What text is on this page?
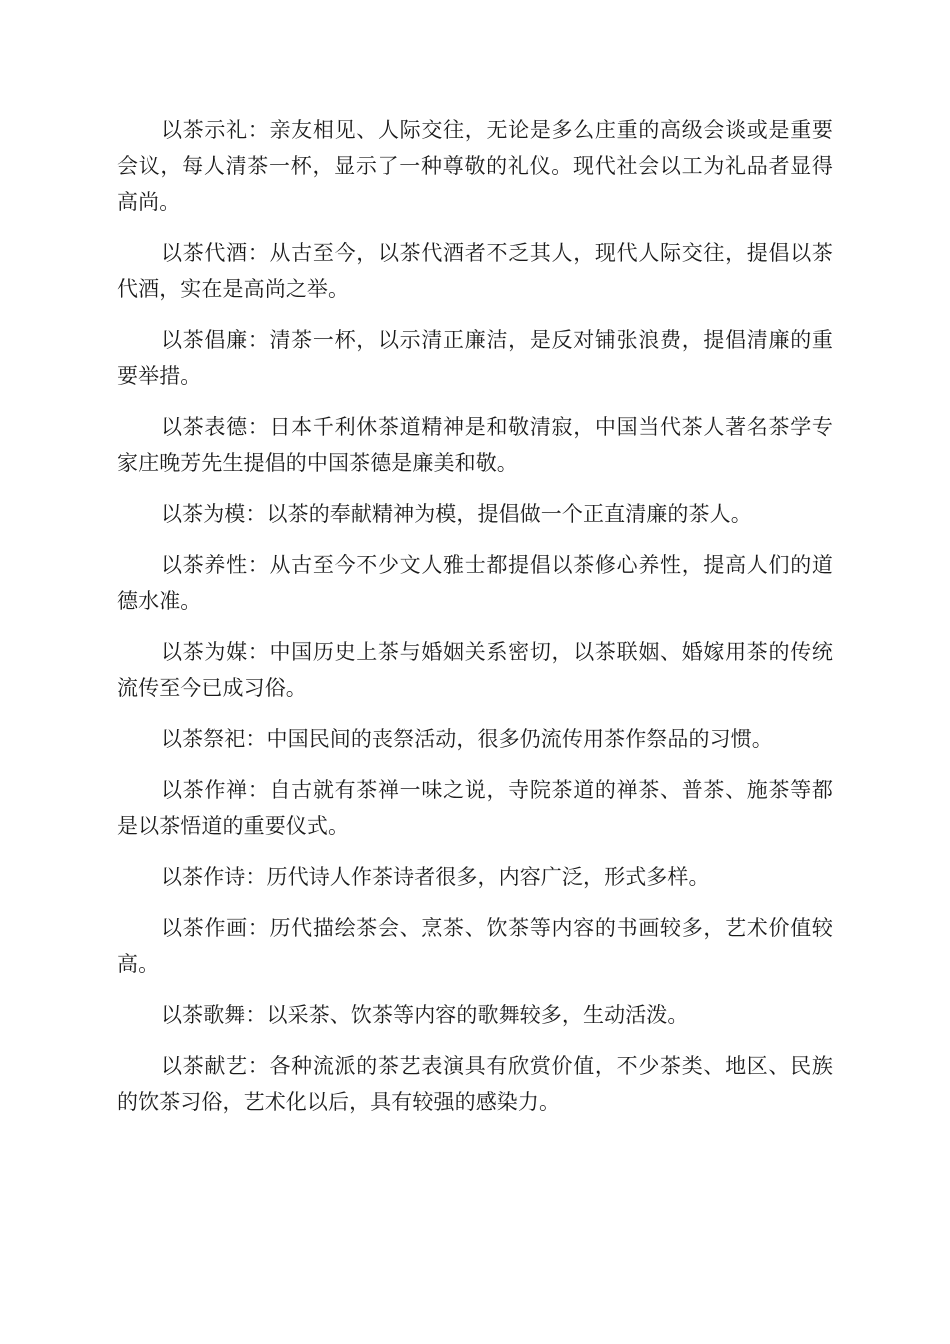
以茶示礼：亲友相见、人际交往，无论是多么庄重的高级会谈或是重要会议，每人清茶一杯，显示了一种尊敬的礼仪。现代社会以工为礼品者显得高尚。

以茶代酒：从古至今，以茶代酒者不乏其人，现代人际交往，提倡以茶代酒，实在是高尚之举。

以茶倡廉：清茶一杯，以示清正廉洁，是反对铺张浪费，提倡清廉的重要举措。

以茶表德：日本千利休茶道精神是和敬清寂，中国当代茶人著名茶学专家庄晚芳先生提倡的中国茶德是廉美和敬。

以茶为模：以茶的奉献精神为模，提倡做一个正直清廉的茶人。

以茶养性：从古至今不少文人雅士都提倡以茶修心养性，提高人们的道德水准。

以茶为媒：中国历史上茶与婚姻关系密切，以茶联姻、婚嫁用茶的传统流传至今已成习俗。

以茶祭祀：中国民间的丧祭活动，很多仍流传用茶作祭品的习惯。

以茶作禅：自古就有茶禅一味之说，寺院茶道的禅茶、普茶、施茶等都是以茶悟道的重要仪式。

以茶作诗：历代诗人作茶诗者很多，内容广泛，形式多样。

以茶作画：历代描绘茶会、烹茶、饮茶等内容的书画较多，艺术价值较高。

以茶歌舞：以采茶、饮茶等内容的歌舞较多，生动活泼。

以茶献艺：各种流派的茶艺表演具有欣赏价值，不少茶类、地区、民族的饮茶习俗，艺术化以后，具有较强的感染力。
